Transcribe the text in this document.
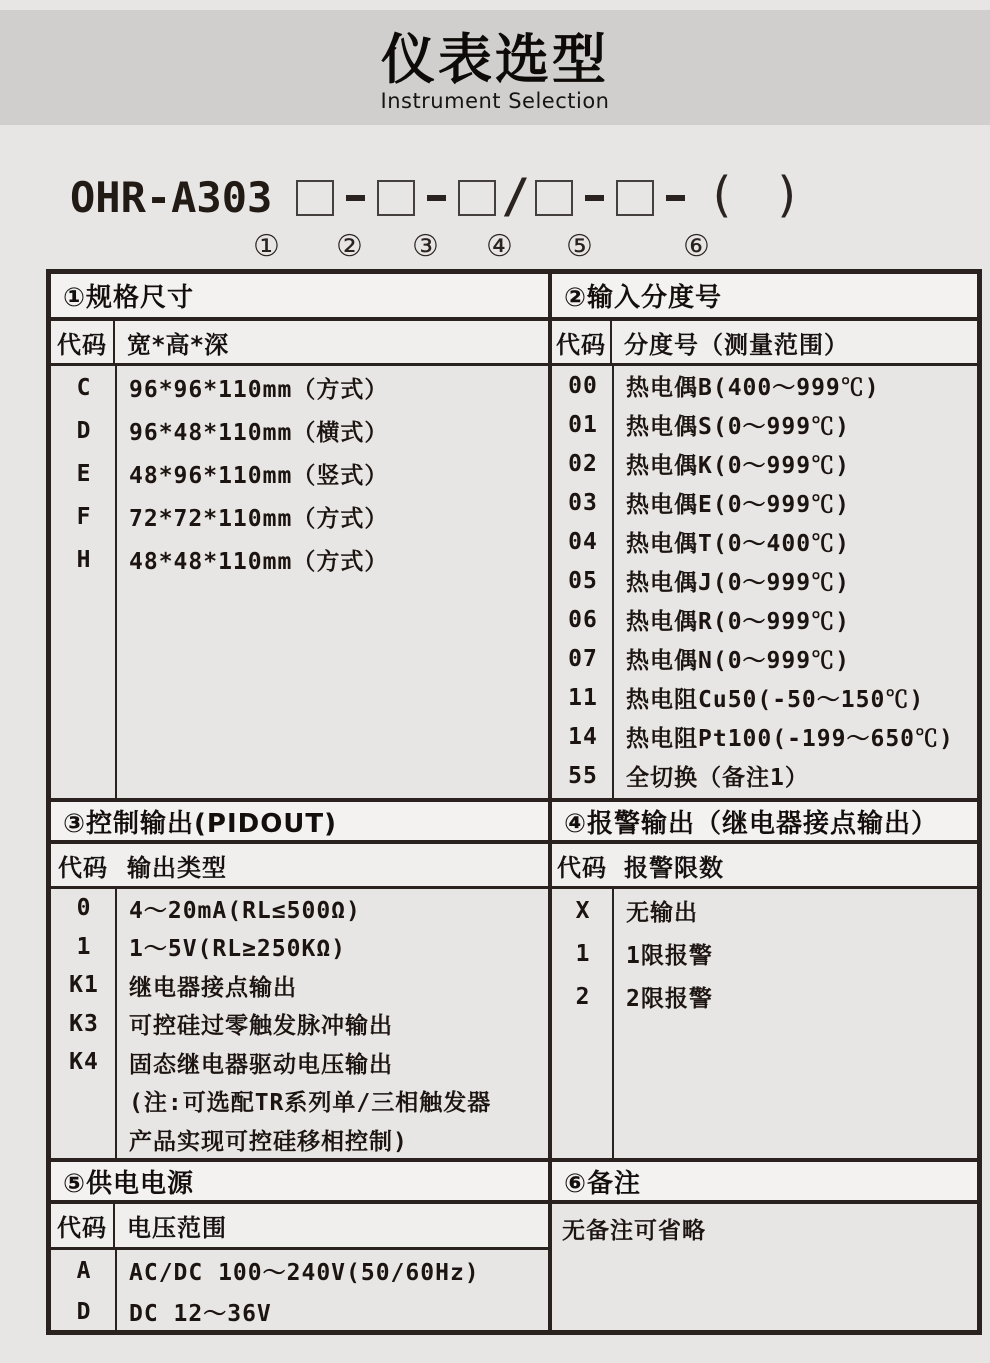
仪表选型
Instrument Selection
OHR-A303	/	( )
① ② ③ ④ ⑤	⑥
①规格尺寸
代码 宽*高*深
C	96*96*110mm（方式）
D	96*48*110mm（横式）
E	48*96*110mm（竖式）
F	72*72*110mm（方式）
H	48*48*110mm（方式）
②输入分度号
代码 分度号（测量范围）
00	热电偶B(400～999℃)
01	热电偶S(0～999℃)
02	热电偶K(0～999℃)
03	热电偶E(0～999℃)
04	热电偶T(0～400℃)
05	热电偶J(0～999℃)
06	热电偶R(0～999℃)
07	热电偶N(0～999℃)
11	热电阻Cu50(-50～150℃)
14	热电阻Pt100(-199～650℃)
55	全切换（备注1）
③控制输出(PIDOUT)
代码 输出类型
0	4～20mA(RL≤500Ω)
1	1～5V(RL≥250KΩ)
K1	继电器接点输出
K3	可控硅过零触发脉冲输出
K4	固态继电器驱动电压输出
(注:可选配TR系列单/三相触发器
产品实现可控硅移相控制)
④报警输出（继电器接点输出）
代码 报警限数
X	无输出
1	1限报警
2	2限报警
⑤供电电源
代码 电压范围
A	AC/DC 100～240V(50/60Hz)
D	DC 12～36V
⑥备注
无备注可省略
